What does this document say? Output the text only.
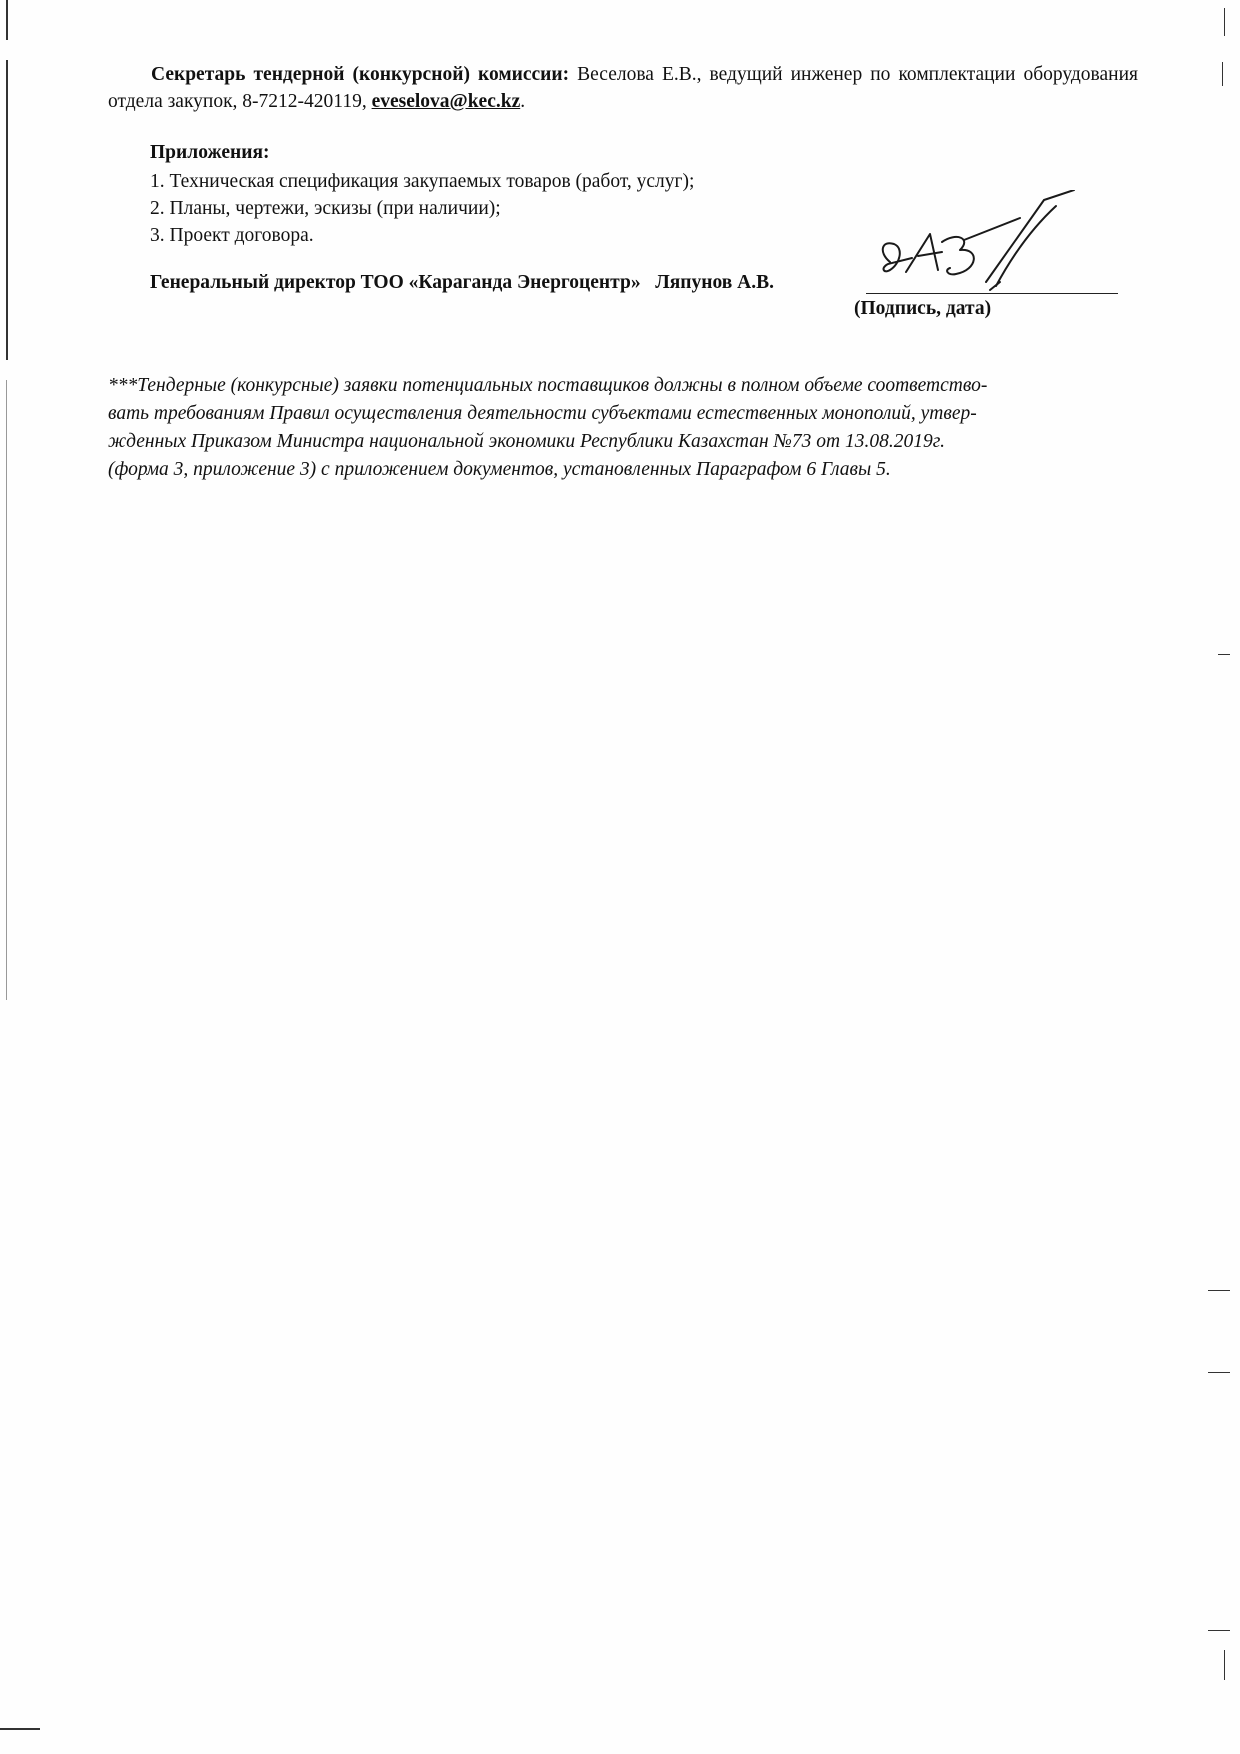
Секретарь тендерной (конкурсной) комиссии: Веселова Е.В., ведущий инженер по комплектации оборудования отдела закупок, 8-7212-420119, eveselova@kec.kz.
Приложения:
1. Техническая спецификация закупаемых товаров (работ, услуг);
2. Планы, чертежи, эскизы (при наличии);
3. Проект договора.
Генеральный директор ТОО «Караганда Энергоцентр» Ляпунов А.В.
(Подпись, дата)
***Тендерные (конкурсные) заявки потенциальных поставщиков должны в полном объеме соответство-
вать требованиям Правил осуществления деятельности субъектами естественных монополий, утвер-
жденных Приказом Министра национальной экономики Республики Казахстан №73 от 13.08.2019г.
(форма 3, приложение 3) с приложением документов, установленных Параграфом 6 Главы 5.
